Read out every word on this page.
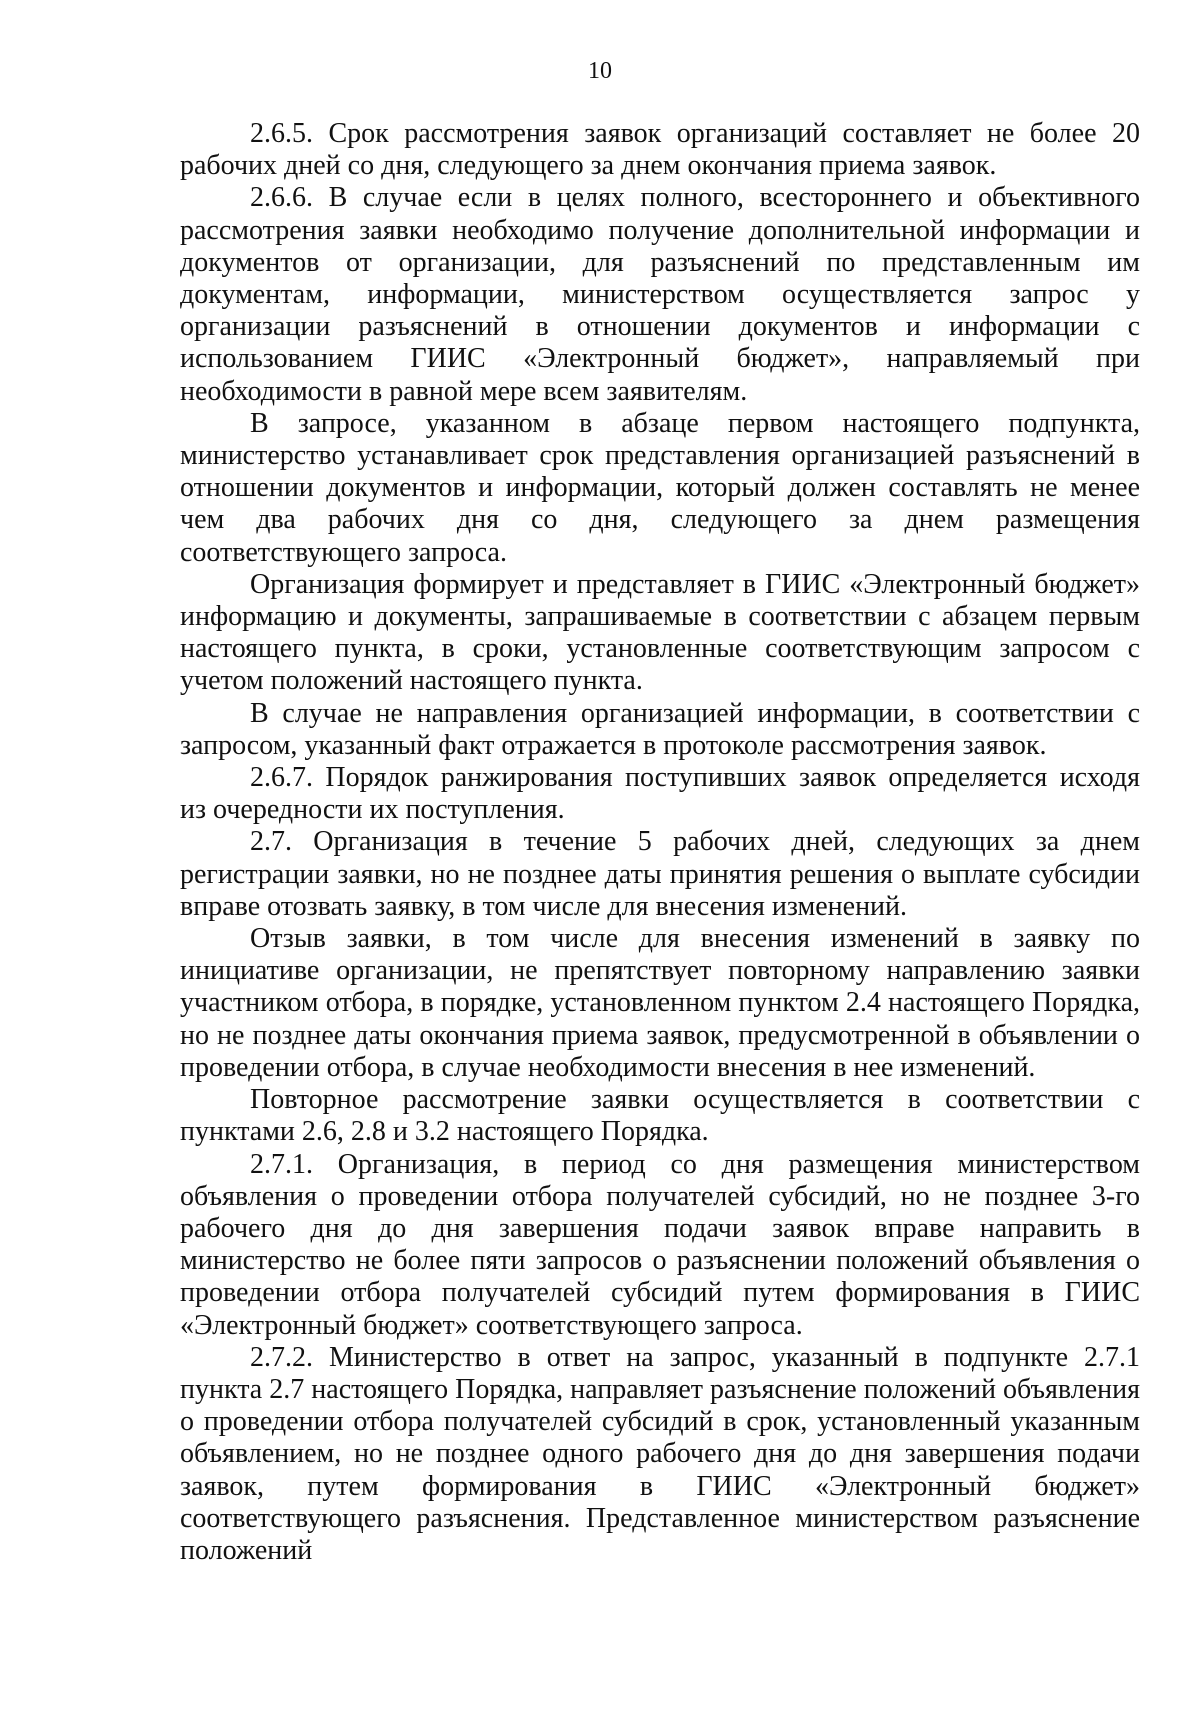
10

2.6.5. Срок рассмотрения заявок организаций составляет не более 20 рабочих дней со дня, следующего за днем окончания приема заявок.

2.6.6. В случае если в целях полного, всестороннего и объективного рассмотрения заявки необходимо получение дополнительной информации и документов от организации, для разъяснений по представленным им документам, информации, министерством осуществляется запрос у организации разъяснений в отношении документов и информации с использованием ГИИС «Электронный бюджет», направляемый при необходимости в равной мере всем заявителям.

В запросе, указанном в абзаце первом настоящего подпункта, министерство устанавливает срок представления организацией разъяснений в отношении документов и информации, который должен составлять не менее чем два рабочих дня со дня, следующего за днем размещения соответствующего запроса.

Организация формирует и представляет в ГИИС «Электронный бюджет» информацию и документы, запрашиваемые в соответствии с абзацем первым настоящего пункта, в сроки, установленные соответствующим запросом с учетом положений настоящего пункта.

В случае не направления организацией информации, в соответствии с запросом, указанный факт отражается в протоколе рассмотрения заявок.

2.6.7. Порядок ранжирования поступивших заявок определяется исходя из очередности их поступления.

2.7. Организация в течение 5 рабочих дней, следующих за днем регистрации заявки, но не позднее даты принятия решения о выплате субсидии вправе отозвать заявку, в том числе для внесения изменений.

Отзыв заявки, в том числе для внесения изменений в заявку по инициативе организации, не препятствует повторному направлению заявки участником отбора, в порядке, установленном пунктом 2.4 настоящего Порядка, но не позднее даты окончания приема заявок, предусмотренной в объявлении о проведении отбора, в случае необходимости внесения в нее изменений.

Повторное рассмотрение заявки осуществляется в соответствии с пунктами 2.6, 2.8 и 3.2 настоящего Порядка.

2.7.1. Организация, в период со дня размещения министерством объявления о проведении отбора получателей субсидий, но не позднее 3-го рабочего дня до дня завершения подачи заявок вправе направить в министерство не более пяти запросов о разъяснении положений объявления о проведении отбора получателей субсидий путем формирования в ГИИС «Электронный бюджет» соответствующего запроса.

2.7.2. Министерство в ответ на запрос, указанный в подпункте 2.7.1 пункта 2.7 настоящего Порядка, направляет разъяснение положений объявления о проведении отбора получателей субсидий в срок, установленный указанным объявлением, но не позднее одного рабочего дня до дня завершения подачи заявок, путем формирования в ГИИС «Электронный бюджет» соответствующего разъяснения. Представленное министерством разъяснение положений
